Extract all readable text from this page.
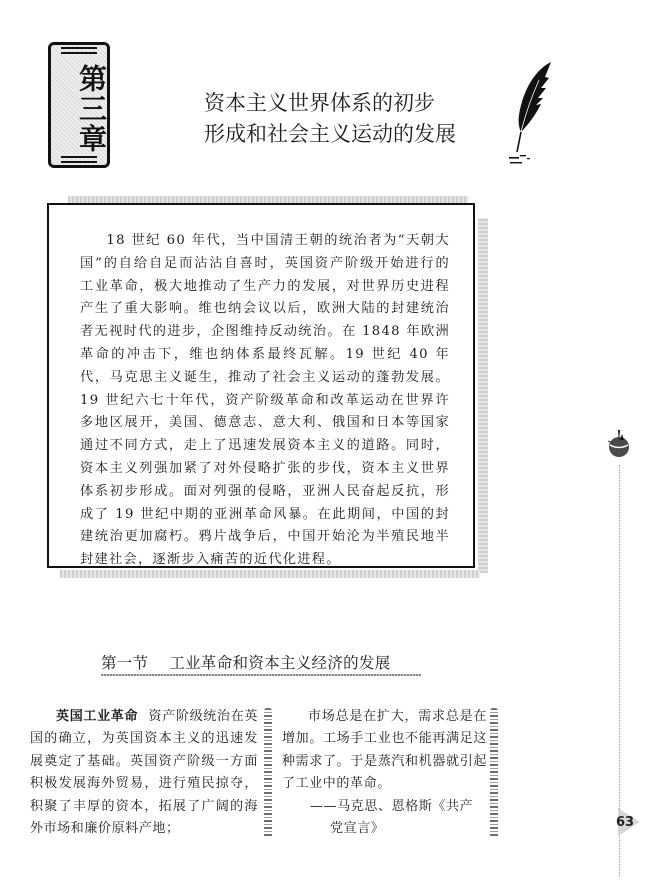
第三章	资本主义世界体系的初步
形成和社会主义运动的发展
18 世纪 60 年代，当中国清王朝的统治者为“天朝大国”的自给自足而沾沾自喜时，英国资产阶级开始进行的工业革命，极大地推动了生产力的发展，对世界历史进程产生了重大影响。维也纳会议以后，欧洲大陆的封建统治者无视时代的进步，企图维持反动统治。在 1848 年欧洲革命的冲击下，维也纳体系最终瓦解。19 世纪 40 年代，马克思主义诞生，推动了社会主义运动的蓬勃发展。19 世纪六七十年代，资产阶级革命和改革运动在世界许多地区展开，美国、德意志、意大利、俄国和日本等国家通过不同方式，走上了迅速发展资本主义的道路。同时，资本主义列强加紧了对外侵略扩张的步伐，资本主义世界体系初步形成。面对列强的侵略，亚洲人民奋起反抗，形成了 19 世纪中期的亚洲革命风暴。在此期间，中国的封建统治更加腐朽。鸦片战争后，中国开始沦为半殖民地半封建社会，逐渐步入痛苦的近代化进程。
63
第一节 工业革命和资本主义经济的发展
英国工业革命 资产阶级统治在英国的确立，为英国资本主义的迅速发展奠定了基础。英国资产阶级一方面积极发展海外贸易，进行殖民掠夺，积聚了丰厚的资本，拓展了广阔的海外市场和廉价原料产地；
市场总是在扩大，需求总是在增加。工场手工业也不能再满足这种需求了。于是蒸汽和机器就引起了工业中的革命。
——马克思、恩格斯《共产
党宣言》
